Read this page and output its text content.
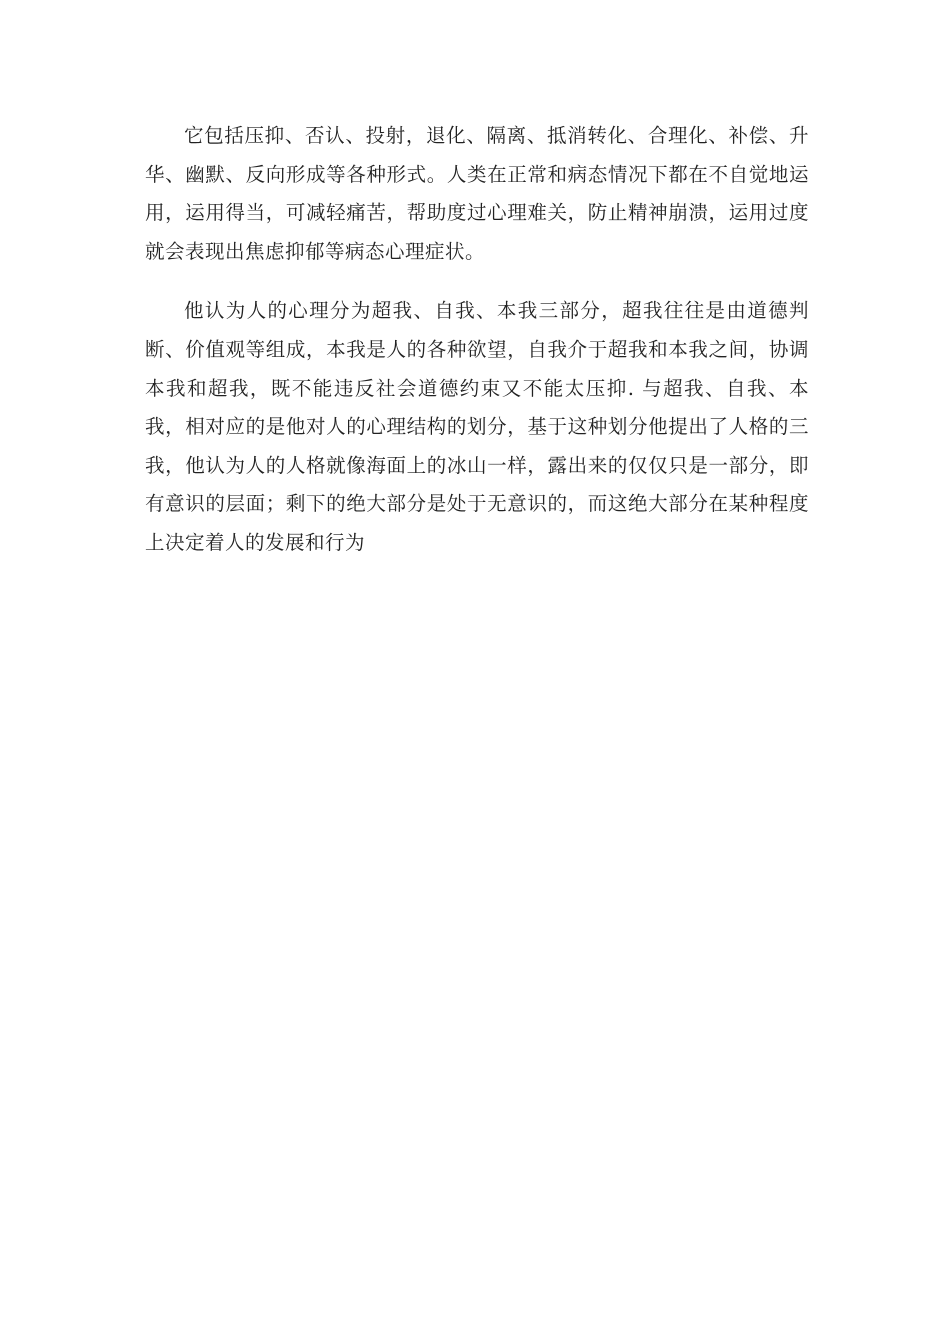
它包括压抑、否认、投射，退化、隔离、抵消转化、合理化、补偿、升华、幽默、反向形成等各种形式。人类在正常和病态情况下都在不自觉地运用，运用得当，可减轻痛苦，帮助度过心理难关，防止精神崩溃，运用过度就会表现出焦虑抑郁等病态心理症状。

他认为人的心理分为超我、自我、本我三部分，超我往往是由道德判断、价值观等组成，本我是人的各种欲望，自我介于超我和本我之间，协调本我和超我，既不能违反社会道德约束又不能太压抑. 与超我、自我、本我，相对应的是他对人的心理结构的划分，基于这种划分他提出了人格的三我，他认为人的人格就像海面上的冰山一样，露出来的仅仅只是一部分，即有意识的层面；剩下的绝大部分是处于无意识的，而这绝大部分在某种程度上决定着人的发展和行为
